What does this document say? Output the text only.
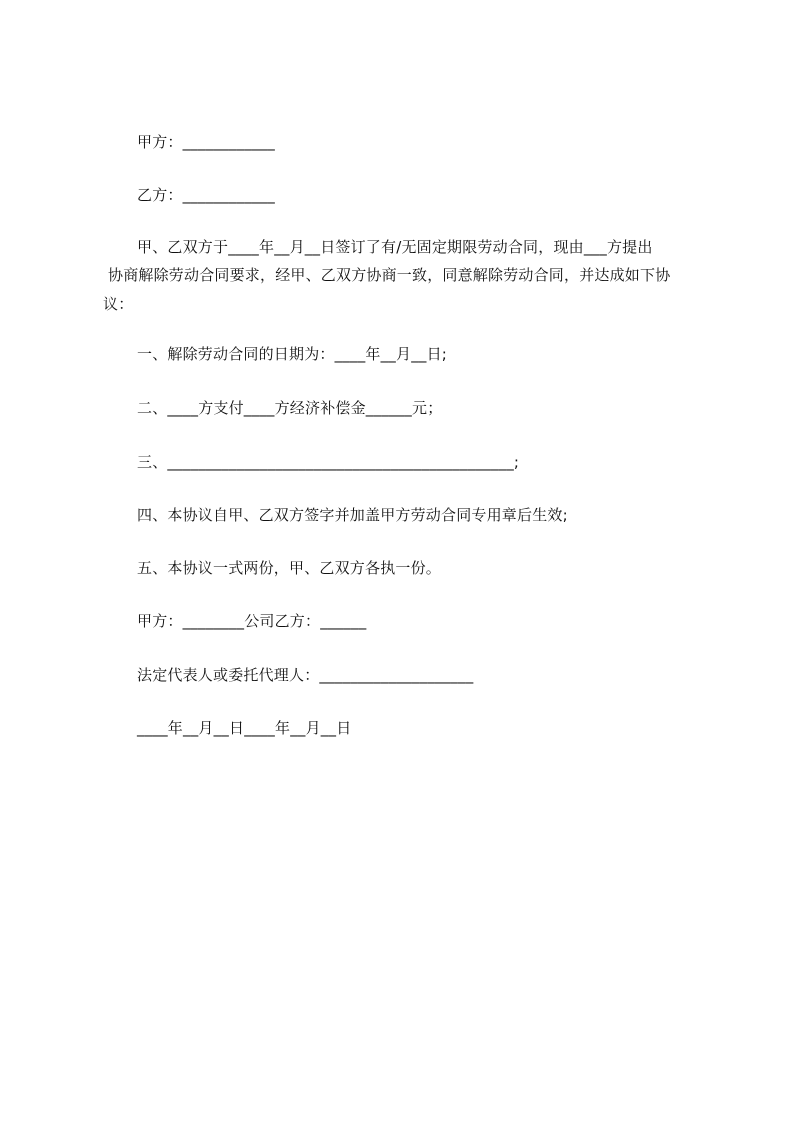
甲方：____________
乙方：____________
甲、乙双方于____年__月__日签订了有/无固定期限劳动合同，现由___方提出
协商解除劳动合同要求，经甲、乙双方协商一致，同意解除劳动合同，并达成如下协
议：
一、解除劳动合同的日期为：____年__月__日;
二、____方支付____方经济补偿金______元；
三、_____________________________________________;
四、本协议自甲、乙双方签字并加盖甲方劳动合同专用章后生效;
五、本协议一式两份，甲、乙双方各执一份。
甲方：________公司乙方：______
法定代表人或委托代理人：____________________
____年__月__日____年__月__日
